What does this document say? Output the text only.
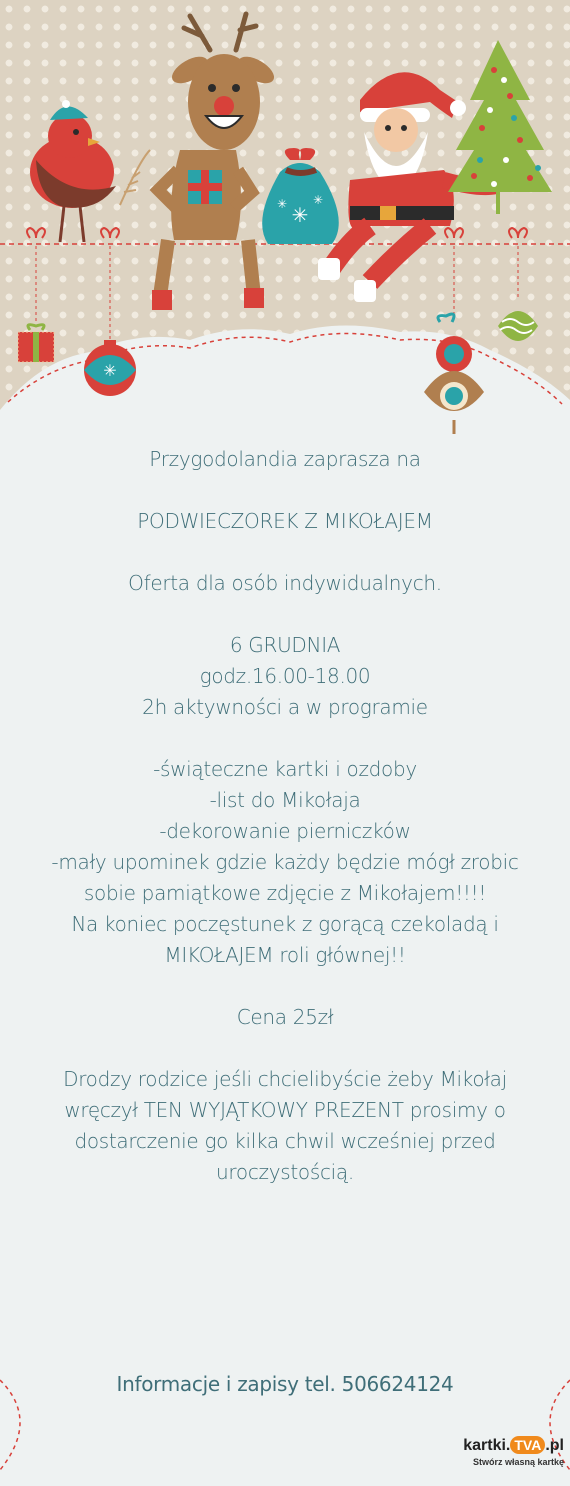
✳
✳
✳ ✳
Przygodolandia zaprasza na
PODWIECZOREK Z MIKOŁAJEM
Oferta dla osób indywidualnych.
6 GRUDNIA
godz.16.00-18.00
2h aktywności a w programie
-świąteczne kartki i ozdoby
-list do Mikołaja
-dekorowanie pierniczków
-mały upominek gdzie każdy będzie mógł zrobic
sobie pamiątkowe zdjęcie z Mikołajem!!!!
Na koniec poczęstunek z gorącą czekoladą i
MIKOŁAJEM roli głównej!!
Cena 25zł
Drodzy rodzice jeśli chcielibyście żeby Mikołaj
wręczył TEN WYJĄTKOWY PREZENT prosimy o
dostarczenie go kilka chwil wcześniej przed
uroczystością.
Informacje i zapisy tel. 506624124
kartki. TVA .pl
Stwórz własną kartkę
